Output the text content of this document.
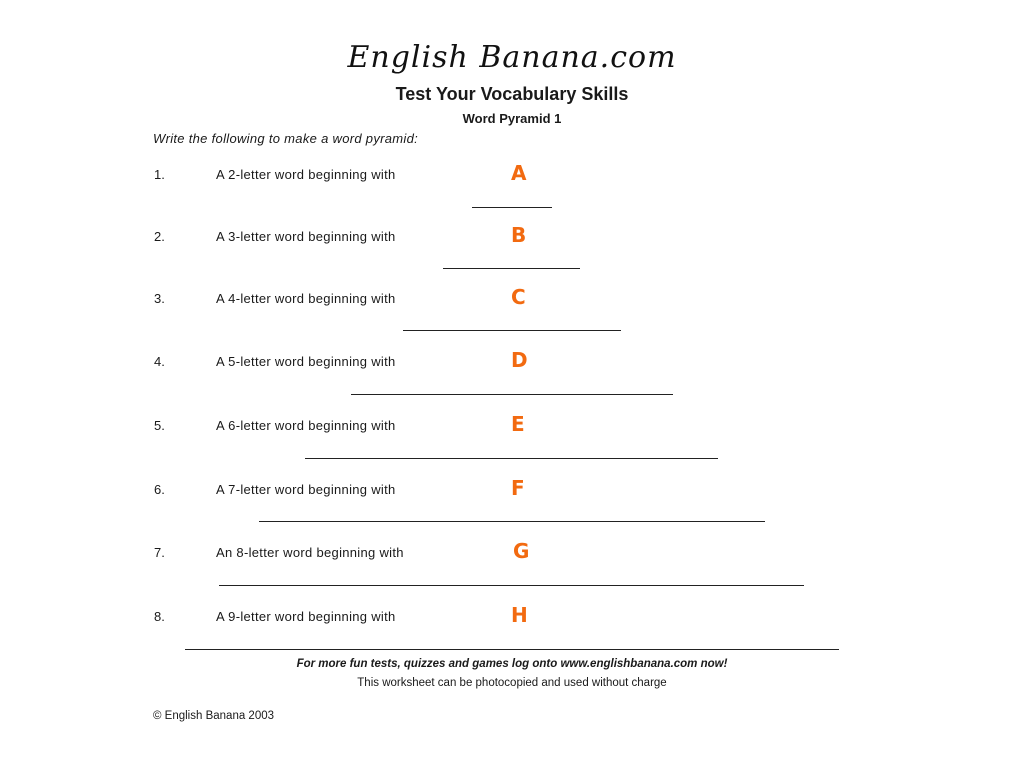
English Banana.com
Test Your Vocabulary Skills
Word Pyramid 1
Write the following to make a word pyramid:
1.	A 2-letter word beginning with	A
2.	A 3-letter word beginning with	B
3.	A 4-letter word beginning with	C
4.	A 5-letter word beginning with	D
5.	A 6-letter word beginning with	E
6.	A 7-letter word beginning with	F
7.	An 8-letter word beginning with	G
8.	A 9-letter word beginning with	H
For more fun tests, quizzes and games log onto www.englishbanana.com now!
This worksheet can be photocopied and used without charge
© English Banana 2003
